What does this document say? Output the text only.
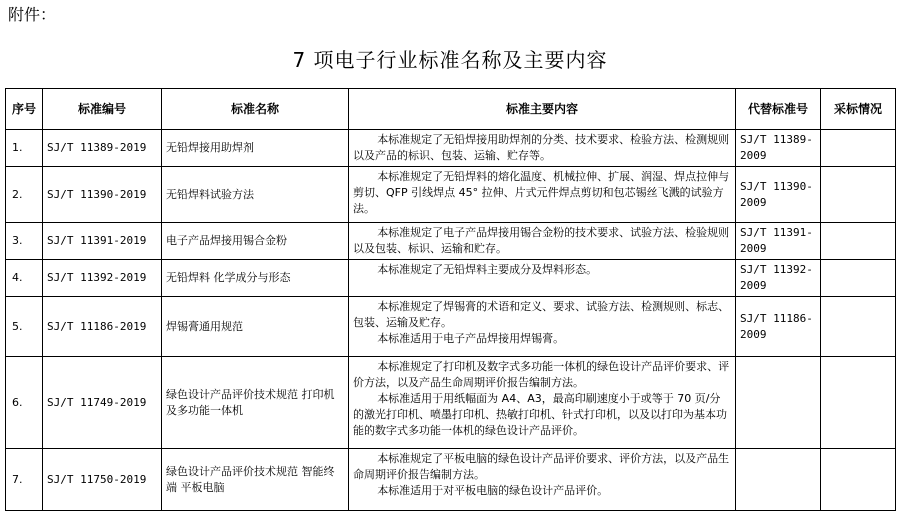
附件：
7 项电子行业标准名称及主要内容
序号	标准编号	标准名称	标准主要内容	代替标准号	采标情况
1.	SJ/T 11389-2019	无铅焊接用助焊剂	本标准规定了无铅焊接用助焊剂的分类、技术要求、检验方法、检测规则以及产品的标识、包装、运输、贮存等。	SJ/T 11389-2009	
2.	SJ/T 11390-2019	无铅焊料试验方法	本标准规定了无铅焊料的熔化温度、机械拉伸、扩展、润湿、焊点拉伸与剪切、QFP 引线焊点 45° 拉伸、片式元件焊点剪切和包芯锡丝飞溅的试验方法。	SJ/T 11390-2009	
3.	SJ/T 11391-2019	电子产品焊接用锡合金粉	本标准规定了电子产品焊接用锡合金粉的技术要求、试验方法、检验规则以及包装、标识、运输和贮存。	SJ/T 11391-2009	
4.	SJ/T 11392-2019	无铅焊料 化学成分与形态	本标准规定了无铅焊料主要成分及焊料形态。	SJ/T 11392-2009	
5.	SJ/T 11186-2019	焊锡膏通用规范	本标准规定了焊锡膏的术语和定义、要求、试验方法、检测规则、标志、包装、运输及贮存。

本标准适用于电子产品焊接用焊锡膏。	SJ/T 11186-2009	
6.	SJ/T 11749-2019	绿色设计产品评价技术规范 打印机及多功能一体机	本标准规定了打印机及数字式多功能一体机的绿色设计产品评价要求、评价方法，以及产品生命周期评价报告编制方法。

本标准适用于用纸幅面为 A4、A3，最高印刷速度小于或等于 70 页/分的激光打印机、喷墨打印机、热敏打印机、针式打印机，以及以打印为基本功能的数字式多功能一体机的绿色设计产品评价。		

7.	SJ/T 11750-2019	绿色设计产品评价技术规范 智能终端 平板电脑	本标准规定了平板电脑的绿色设计产品评价要求、评价方法，以及产品生命周期评价报告编制方法。

本标准适用于对平板电脑的绿色设计产品评价。		
